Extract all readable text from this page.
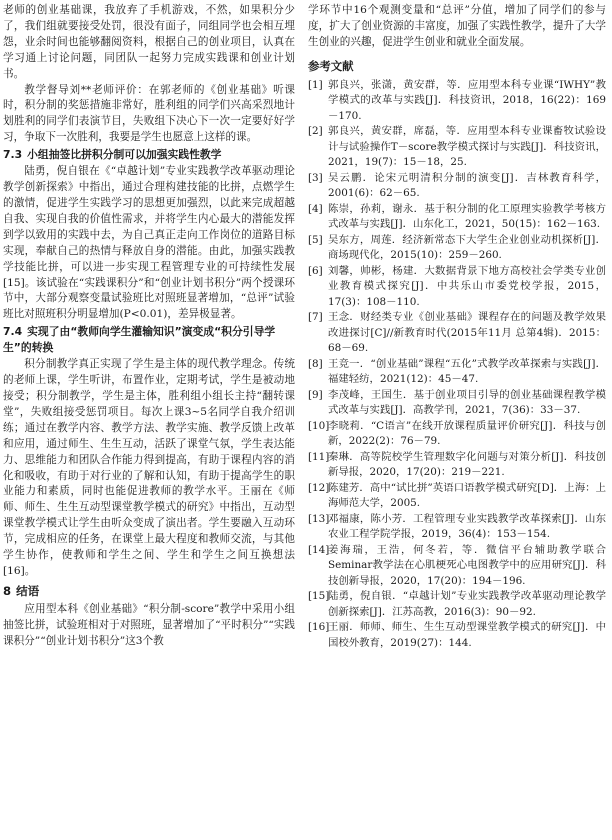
老师的创业基础课，我放弃了手机游戏，不然，如果积分少了，我们组就要接受处罚，很没有面子，同组同学也会相互埋怨，业余时间也能够翻阅资料，根据自己的创业项目，认真在学习通上讨论问题，同团队一起努力完成实践课和创业计划书。

教学督导刘**老师评价：在郭老师的《创业基础》听课时，积分制的奖惩措施非常好，胜利组的同学们兴高采烈地计划胜利的同学们表演节目，失败组下决心下一次一定要好好学习，争取下一次胜利，我要是学生也愿意上这样的课。

7.3 小组抽签比拼积分制可以加强实践性教学

陆勇，倪自银在《“卓越计划”专业实践教学改革驱动理论教学创新探索》中指出，通过合理构建技能的比拼，点燃学生的激情，促进学生实践学习的思想更加强烈，以此来完成超越自我、实现自我的价值性需求，并将学生内心最大的潜能发挥到学以致用的实践中去，为自己真正走向工作岗位的道路目标实现，奉献自己的热情与释放自身的潜能。由此，加强实践教学技能比拼，可以进一步实现工程管理专业的可持续性发展[15]。该试验在“实践课积分”和“创业计划书积分”两个授课环节中，大部分观察变量试验班比对照班显著增加，“总评”试验班比对照班积分明显增加(P<0.01)，差异极显著。

7.4 实现了由“教师向学生灌输知识”演变成“积分引导学生”的转换

积分制教学真正实现了学生是主体的现代教学理念。传统的老师上课，学生听讲，布置作业，定期考试，学生是被动地接受；积分制教学，学生是主体，胜利组小组长主持“翻转课堂”，失败组接受惩罚项目。每次上课3~5名同学自我介绍训练；通过在教学内容、教学方法、教学实施、教学反馈上改革和应用，通过师生、生生互动，活跃了课堂气氛，学生表达能力、思维能力和团队合作能力得到提高，有助于课程内容的消化和吸收，有助于对行业的了解和认知，有助于提高学生的职业能力和素质，同时也能促进教师的教学水平。王丽在《师师、师生、生生互动型课堂教学模式的研究》中指出，互动型课堂教学模式让学生由听众变成了演出者。学生要融入互动环节，完成相应的任务，在课堂上最大程度和教师交流，与其他学生协作，使教师和学生之间、学生和学生之间互换想法[16]。

8 结语

应用型本科《创业基础》“积分制-score”教学中采用小组抽签比拼，试验班相对于对照班，显著增加了“平时积分”“实践课积分”“创业计划书积分”这3个教

学环节中16个观测变量和“总评”分值，增加了同学们的参与度，扩大了创业资源的丰富度，加强了实践性教学，提升了大学生创业的兴趣，促进学生创业和就业全面发展。

参考文献
[1] 郭良兴，张潇，黄安群，等．应用型本科专业课“IWHY”教学模式的改革与实践[J]．科技资讯，2018，16(22)：169－170.
[2] 郭良兴，黄安群，席磊，等．应用型本科专业课畜牧试验设计与试验操作T－score教学模式探讨与实践[J]．科技资讯，2021，19(7)：15－18，25.
[3] 吴云鹏．论宋元明清积分制的演变[J]．吉林教育科学，2001(6)：62－65.
[4] 陈崇，孙莉，谢永．基于积分制的化工原理实验教学考核方式改革与实践[J]．山东化工，2021，50(15)：162－163.
[5] 吴东方，周莲．经济新常态下大学生企业创业动机探析[J]．商场现代化，2015(10)：259－260.
[6] 刘馨，帅彬，杨建．大数据背景下地方高校社会学类专业创业教育模式探究[J]．中共乐山市委党校学报，2015，17(3)：108－110.
[7] 王念．财经类专业《创业基础》课程存在的问题及教学效果改进探讨[C]//新教育时代(2015年11月 总第4辑)．2015：68－69.
[8] 王竞一．“创业基础”课程“五化”式教学改革探索与实践[J]．福建轻纺，2021(12)：45－47.
[9] 李茂峰，王国生．基于创业项目引导的创业基础课程教学模式改革与实践[J]．高教学刊，2021，7(36)：33－37.
[10]
李晓莉．“C语言”在线开放课程质量评价研究[J]．科技与创新，2022(2)：76－79.
[11]
秦琳．高等院校学生管理数字化问题与对策分析[J]．科技创新导报，2020，17(20)：219－221.
[12]
陈建芳．高中“试比拼”英语口语教学模式研究[D]．上海：上海师范大学，2005.
[13]
邓福康，陈小芳．工程管理专业实践教学改革探索[J]．山东农业工程学院学报，2019，36(4)：153－154.
[14]
姜海瑞，王浩，何冬若，等．微信平台辅助教学联合Seminar教学法在心肌梗死心电图教学中的应用研究[J]．科技创新导报，2020，17(20)：194－196.
[15]
陆勇，倪自银．“卓越计划”专业实践教学改革驱动理论教学创新探索[J]．江苏高教，2016(3)：90－92.
[16]
王丽．师师、师生、生生互动型课堂教学模式的研究[J]．中国校外教育，2019(27)：144.
